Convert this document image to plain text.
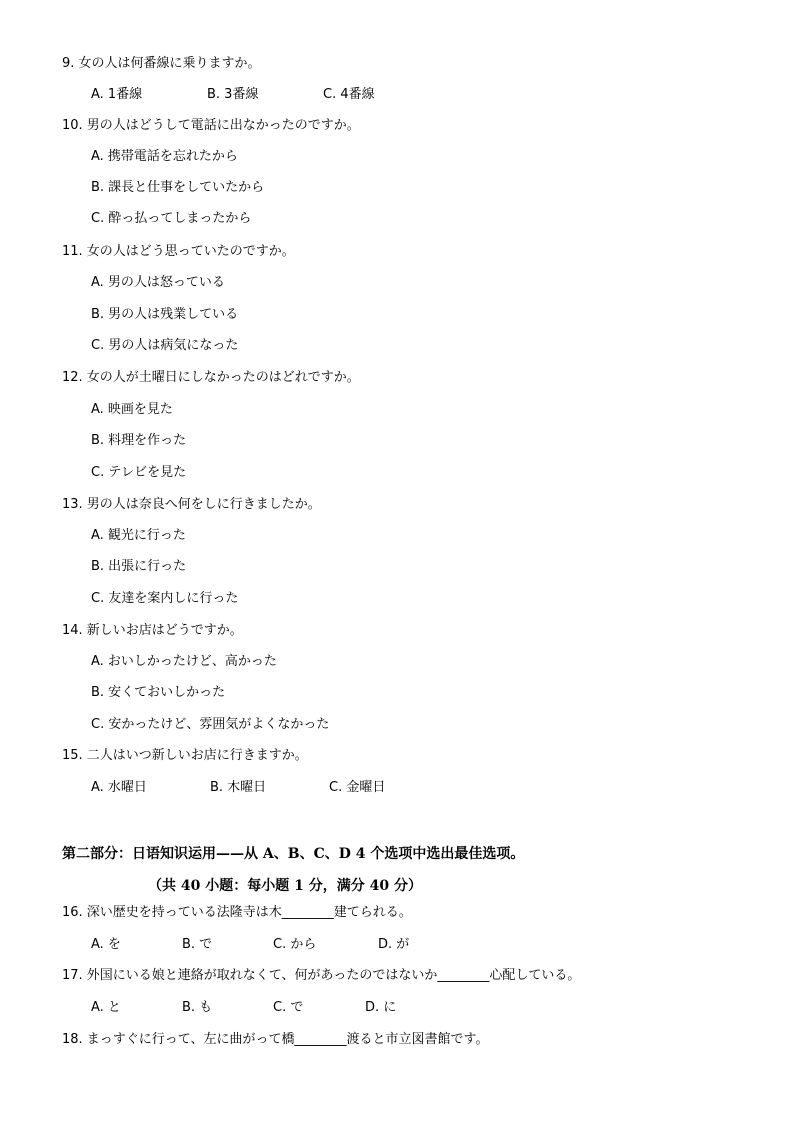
9. 女の人は何番線に乗りますか。
A. 1番線	B. 3番線	C. 4番線
10. 男の人はどうして電話に出なかったのですか。
A. 携帯電話を忘れたから
B. 課長と仕事をしていたから
C. 酔っ払ってしまったから
11. 女の人はどう思っていたのですか。
A. 男の人は怒っている
B. 男の人は残業している
C. 男の人は病気になった
12. 女の人が土曜日にしなかったのはどれですか。
A. 映画を見た
B. 料理を作った
C. テレビを見た
13. 男の人は奈良へ何をしに行きましたか。
A. 観光に行った
B. 出張に行った
C. 友達を案内しに行った
14. 新しいお店はどうですか。
A. おいしかったけど、高かった
B. 安くておいしかった
C. 安かったけど、雰囲気がよくなかった
15. 二人はいつ新しいお店に行きますか。
A. 水曜日	B. 木曜日	C. 金曜日
第二部分：日语知识运用——从 A、B、C、D 4 个选项中选出最佳选项。
（共 40 小题：每小题 1 分，满分 40 分）
16. 深い歴史を持っている法隆寺は木________建てられる。
A. を	B. で	C. から	D. が
17. 外国にいる娘と連絡が取れなくて、何があったのではないか________心配している。
A. と	B. も	C. で	D. に
18. まっすぐに行って、左に曲がって橋________渡ると市立図書館です。
